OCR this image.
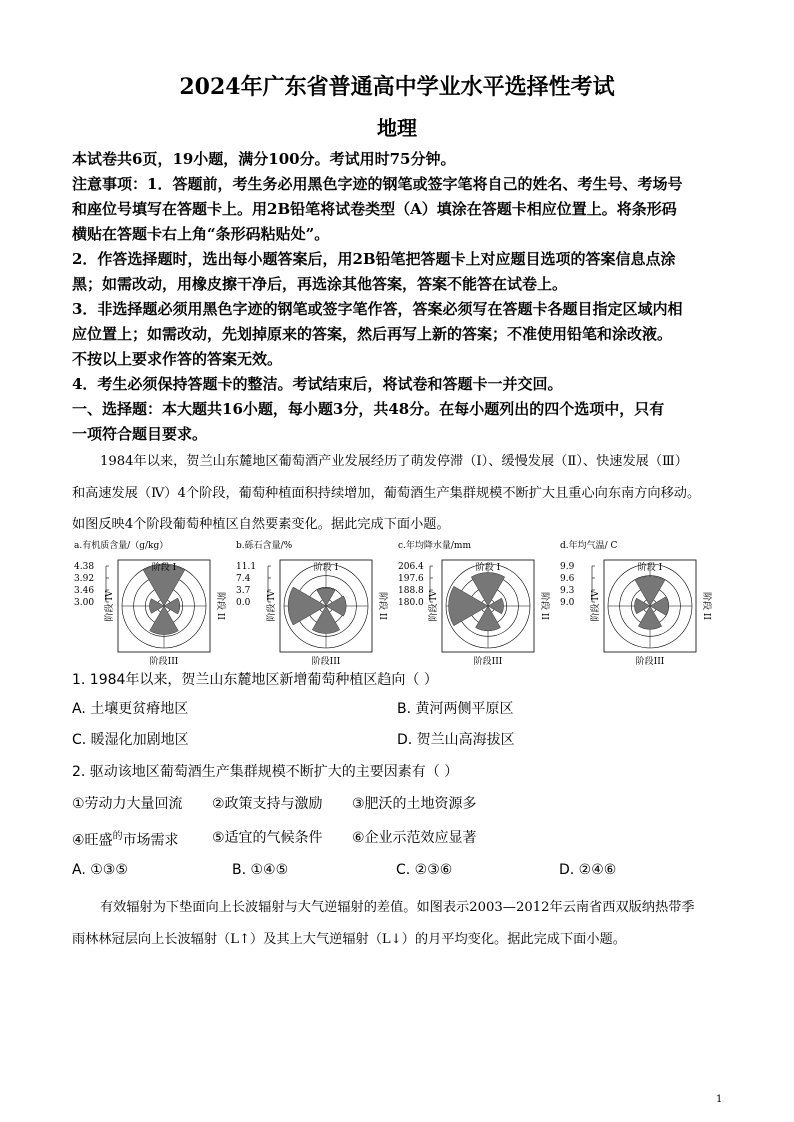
2024年广东省普通高中学业水平选择性考试
地理
本试卷共6页，19小题，满分100分。考试用时75分钟。
注意事项：1．答题前，考生务必用黑色字迹的钢笔或签字笔将自己的姓名、考生号、考场号
和座位号填写在答题卡上。用2B铅笔将试卷类型（A）填涂在答题卡相应位置上。将条形码
横贴在答题卡右上角“条形码粘贴处”。
2．作答选择题时，选出每小题答案后，用2B铅笔把答题卡上对应题目选项的答案信息点涂
黑；如需改动，用橡皮擦干净后，再选涂其他答案，答案不能答在试卷上。
3．非选择题必须用黑色字迹的钢笔或签字笔作答，答案必须写在答题卡各题目指定区域内相
应位置上；如需改动，先划掉原来的答案，然后再写上新的答案；不准使用铅笔和涂改液。
不按以上要求作答的答案无效。
4．考生必须保持答题卡的整洁。考试结束后，将试卷和答题卡一并交回。
一、选择题：本大题共16小题，每小题3分，共48分。在每小题列出的四个选项中，只有
一项符合题目要求。
1984年以来，贺兰山东麓地区葡萄酒产业发展经历了萌发停滞（Ⅰ）、缓慢发展（Ⅱ）、快速发展（Ⅲ）
和高速发展（Ⅳ）4个阶段，葡萄种植面积持续增加，葡萄酒生产集群规模不断扩大且重心向东南方向移动。
如图反映4个阶段葡萄种植区自然要素变化。据此完成下面小题。
a.有机质含量/（g/kg）
4.38
3.92
3.46
3.00
阶段 I
阶段III
阶段 II
阶段 IV
b.砾石含量/%
11.1
7.4
3.7
0.0
阶段 I
阶段III
阶段 II
阶段 IV
c.年均降水量/mm
206.4
197.6
188.8
180.0
阶段 I
阶段III
阶段 II
阶段 IV
d.年均气温/ C
9.9
9.6
9.3
9.0
阶段 I
阶段III
阶段 II
阶段 IV
1. 1984年以来，贺兰山东麓地区新增葡萄种植区趋向（ ）
A. 土壤更贫瘠地区	B. 黄河两侧平原区
C. 暖湿化加剧地区	D. 贺兰山高海拔区
2. 驱动该地区葡萄酒生产集群规模不断扩大的主要因素有（ ）
①劳动力大量回流 ②政策支持与激励 ③肥沃的土地资源多
④旺盛$^的$市场需求 ⑤适宜的气候条件 ⑥企业示范效应显著
A. ①③⑤	B. ①④⑤	C. ②③⑥	D. ②④⑥
有效辐射为下垫面向上长波辐射与大气逆辐射的差值。如图表示2003—2012年云南省西双版纳热带季
雨林林冠层向上长波辐射（L↑）及其上大气逆辐射（L↓）的月平均变化。据此完成下面小题。
1
